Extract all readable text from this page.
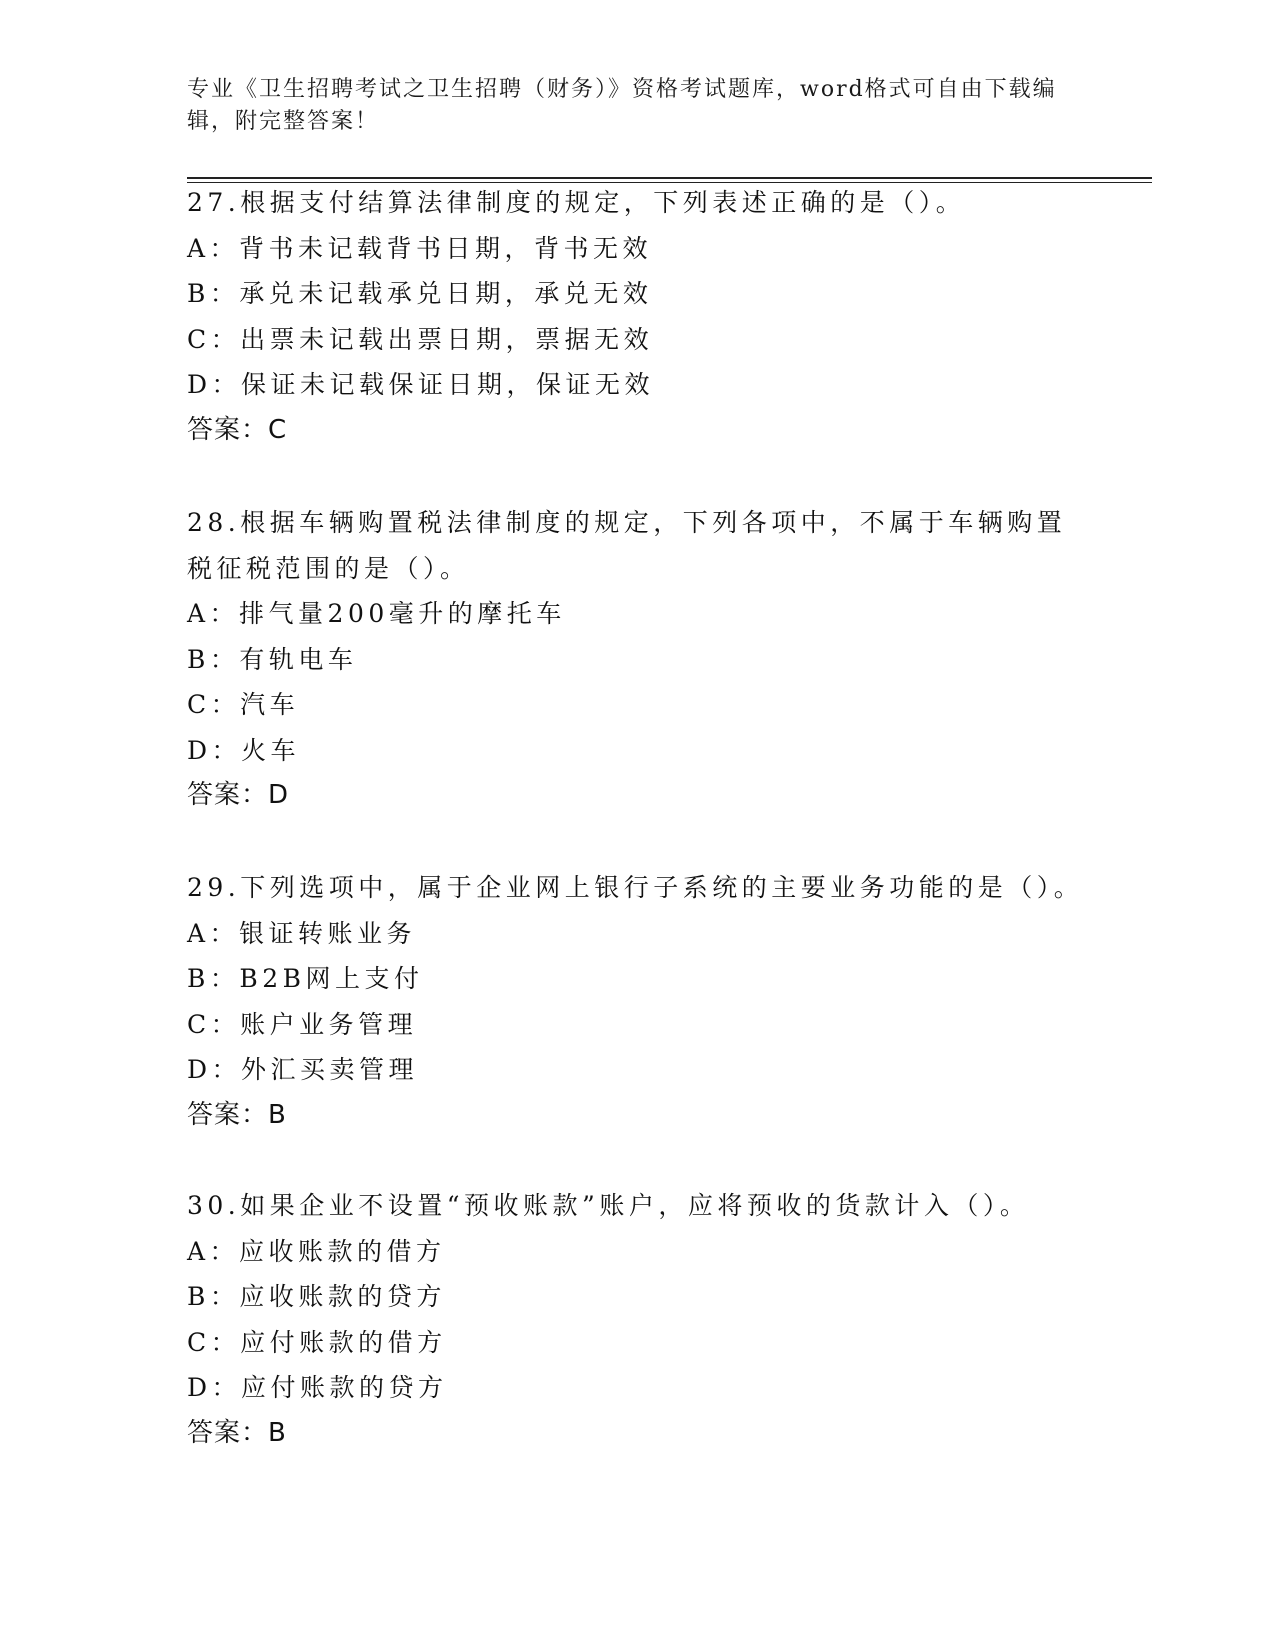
专业《卫生招聘考试之卫生招聘（财务）》资格考试题库，word格式可自由下载编辑，附完整答案！
27.根据支付结算法律制度的规定，下列表述正确的是（）。
A：背书未记载背书日期，背书无效
B：承兑未记载承兑日期，承兑无效
C：出票未记载出票日期，票据无效
D：保证未记载保证日期，保证无效
答案：C
28.根据车辆购置税法律制度的规定，下列各项中，不属于车辆购置税征税范围的是（）。
A：排气量200毫升的摩托车
B：有轨电车
C：汽车
D：火车
答案：D
29.下列选项中，属于企业网上银行子系统的主要业务功能的是（）。
A：银证转账业务
B：B2B网上支付
C：账户业务管理
D：外汇买卖管理
答案：B
30.如果企业不设置“预收账款”账户，应将预收的货款计入（）。
A：应收账款的借方
B：应收账款的贷方
C：应付账款的借方
D：应付账款的贷方
答案：B
